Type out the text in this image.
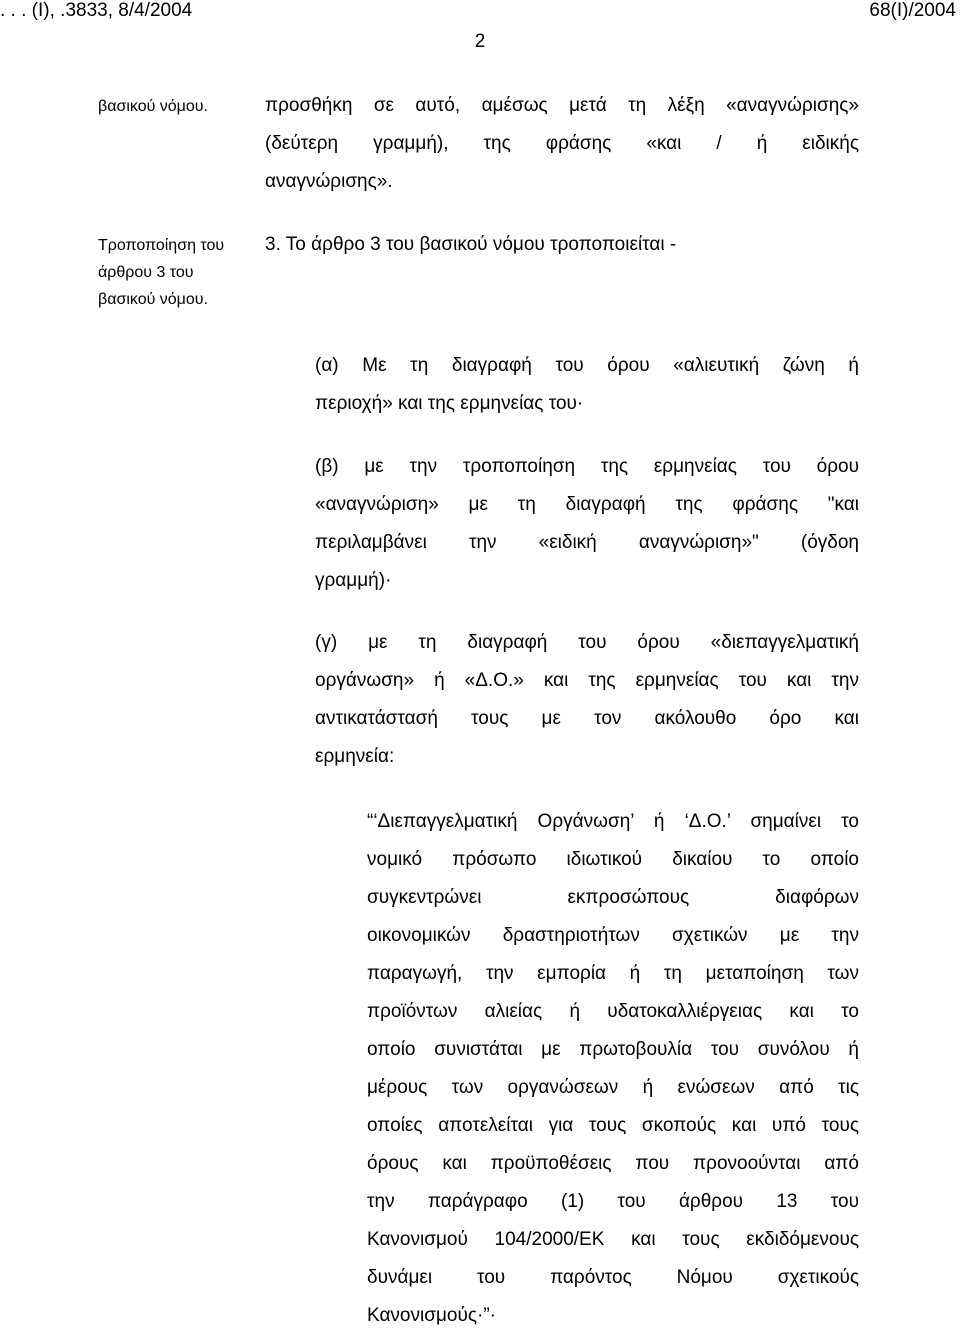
. . . (Ι), .3833, 8/4/2004	68(Ι)/2004
2
βασικού νόμου.	προσθήκη σε αυτό, αμέσως μετά τη λέξη «αναγνώρισης»
(δεύτερη γραμμή), της φράσης «και / ή ειδικής
αναγνώρισης».
Τροποποίηση του
άρθρου 3 του
βασικού νόμου.
3. Το άρθρο 3 του βασικού νόμου τροποποιείται -
(α) Με τη διαγραφή του όρου «αλιευτική ζώνη ή
περιοχή» και της ερμηνείας του·
(β) με την τροποποίηση της ερμηνείας του όρου
«αναγνώριση» με τη διαγραφή της φράσης "και
περιλαμβάνει την «ειδική αναγνώριση»" (όγδοη
γραμμή)·
(γ) με τη διαγραφή του όρου «διεπαγγελματική
οργάνωση» ή «Δ.Ο.» και της ερμηνείας του και την
αντικατάστασή τους με τον ακόλουθο όρο και
ερμηνεία:
“‘Διεπαγγελματική Οργάνωση’ ή ‘Δ.Ο.’ σημαίνει το
νομικό πρόσωπο ιδιωτικού δικαίου το οποίο
συγκεντρώνει εκπροσώπους διαφόρων
οικονομικών δραστηριοτήτων σχετικών με την
παραγωγή, την εμπορία ή τη μεταποίηση των
προϊόντων αλιείας ή υδατοκαλλιέργειας και το
οποίο συνιστάται με πρωτοβουλία του συνόλου ή
μέρους των οργανώσεων ή ενώσεων από τις
οποίες αποτελείται για τους σκοπούς και υπό τους
όρους και προϋποθέσεις που προνοούνται από
την παράγραφο (1) του άρθρου 13 του
Κανονισμού 104/2000/ΕΚ και τους εκδιδόμενους
δυνάμει του παρόντος Νόμου σχετικούς
Κανονισμούς·”·
